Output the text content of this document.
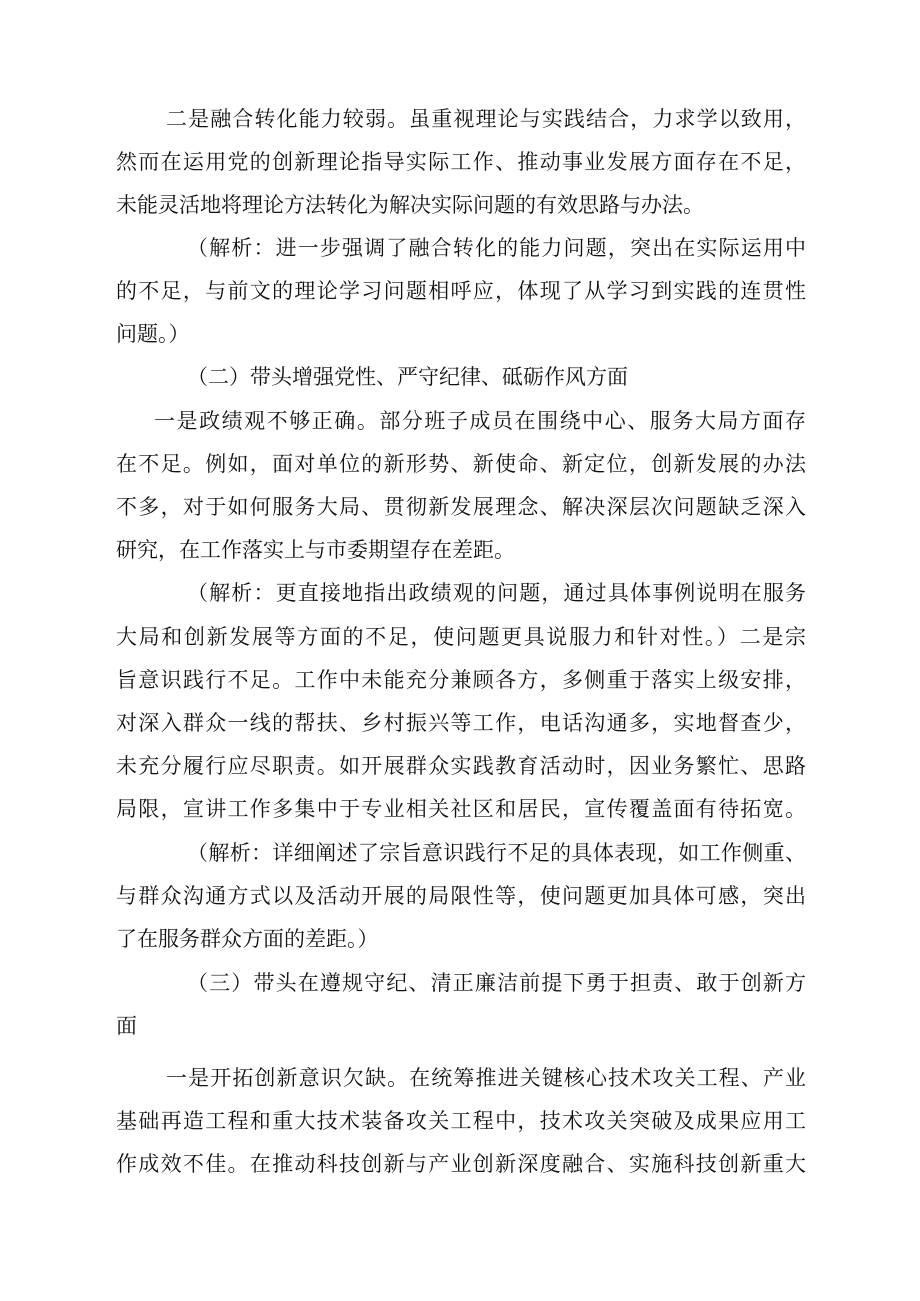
二是融合转化能力较弱。虽重视理论与实践结合，力求学以致用，
然而在运用党的创新理论指导实际工作、推动事业发展方面存在不足，
未能灵活地将理论方法转化为解决实际问题的有效思路与办法。
（解析：进一步强调了融合转化的能力问题，突出在实际运用中
的不足，与前文的理论学习问题相呼应，体现了从学习到实践的连贯性
问题。）
（二）带头增强党性、严守纪律、砥砺作风方面
一是政绩观不够正确。部分班子成员在围绕中心、服务大局方面存
在不足。例如，面对单位的新形势、新使命、新定位，创新发展的办法
不多，对于如何服务大局、贯彻新发展理念、解决深层次问题缺乏深入
研究，在工作落实上与市委期望存在差距。
（解析：更直接地指出政绩观的问题，通过具体事例说明在服务
大局和创新发展等方面的不足，使问题更具说服力和针对性。）二是宗
旨意识践行不足。工作中未能充分兼顾各方，多侧重于落实上级安排，
对深入群众一线的帮扶、乡村振兴等工作，电话沟通多，实地督查少，
未充分履行应尽职责。如开展群众实践教育活动时，因业务繁忙、思路
局限，宣讲工作多集中于专业相关社区和居民，宣传覆盖面有待拓宽。
（解析：详细阐述了宗旨意识践行不足的具体表现，如工作侧重、
与群众沟通方式以及活动开展的局限性等，使问题更加具体可感，突出
了在服务群众方面的差距。）
（三）带头在遵规守纪、清正廉洁前提下勇于担责、敢于创新方
面
一是开拓创新意识欠缺。在统筹推进关键核心技术攻关工程、产业
基础再造工程和重大技术装备攻关工程中，技术攻关突破及成果应用工
作成效不佳。在推动科技创新与产业创新深度融合、实施科技创新重大
